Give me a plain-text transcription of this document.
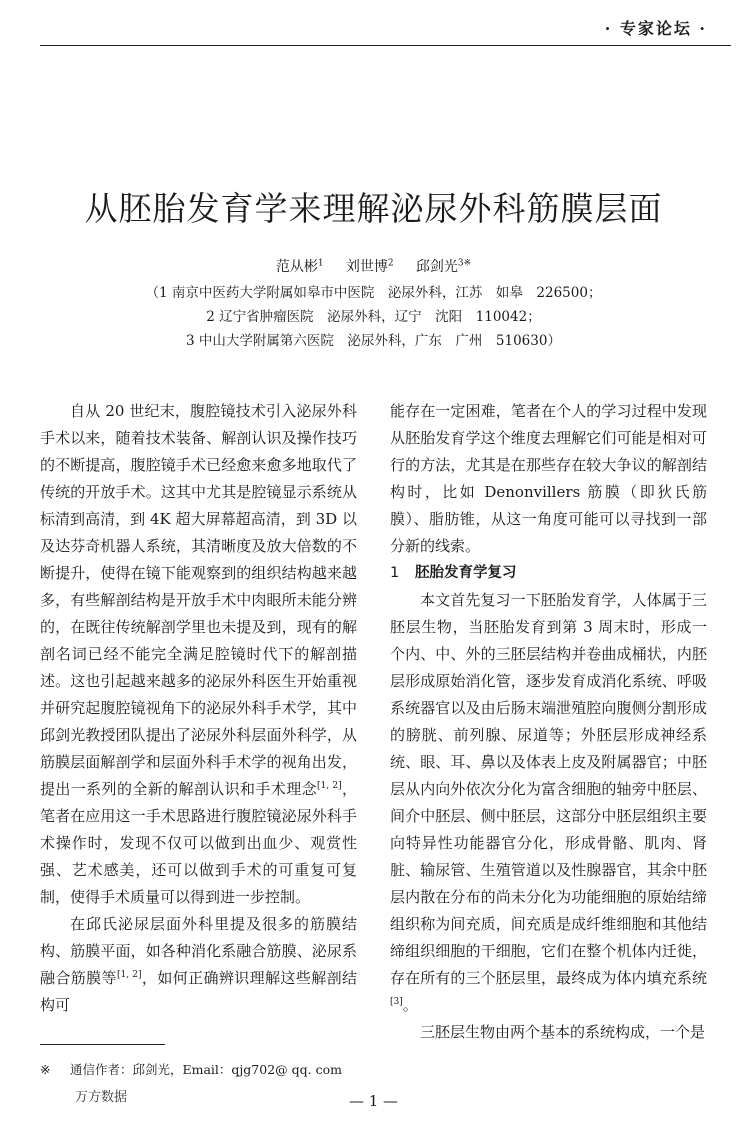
· 专家论坛 ·
从胚胎发育学来理解泌尿外科筋膜层面
范从彬$^1$ 刘世博$^2$ 邱剑光$^{3※}$
（1 南京中医药大学附属如皋市中医院　泌尿外科，江苏　如皋　226500；
2 辽宁省肿瘤医院　泌尿外科，辽宁　沈阳　110042；
3 中山大学附属第六医院　泌尿外科，广东　广州　510630）

自从 20 世纪末，腹腔镜技术引入泌尿外科手术以来，随着技术装备、解剖认识及操作技巧的不断提高，腹腔镜手术已经愈来愈多地取代了传统的开放手术。这其中尤其是腔镜显示系统从标清到高清，到 4K 超大屏幕超高清，到 3D 以及达芬奇机器人系统，其清晰度及放大倍数的不断提升，使得在镜下能观察到的组织结构越来越多，有些解剖结构是开放手术中肉眼所未能分辨的，在既往传统解剖学里也未提及到，现有的解剖名词已经不能完全满足腔镜时代下的解剖描述。这也引起越来越多的泌尿外科医生开始重视并研究起腹腔镜视角下的泌尿外科手术学，其中邱剑光教授团队提出了泌尿外科层面外科学，从筋膜层面解剖学和层面外科手术学的视角出发，提出一系列的全新的解剖认识和手术理念[1, 2]，笔者在应用这一手术思路进行腹腔镜泌尿外科手术操作时，发现不仅可以做到出血少、观赏性强、艺术感美，还可以做到手术的可重复可复制，使得手术质量可以得到进一步控制。

在邱氏泌尿层面外科里提及很多的筋膜结构、筋膜平面，如各种消化系融合筋膜、泌尿系融合筋膜等[1, 2]，如何正确辨识理解这些解剖结构可

能存在一定困难，笔者在个人的学习过程中发现从胚胎发育学这个维度去理解它们可能是相对可行的方法，尤其是在那些存在较大争议的解剖结构时，比如 Denonvillers 筋膜（即狄氏筋膜）、脂肪锥，从这一角度可能可以寻找到一部分新的线索。

1 胚胎发育学复习

本文首先复习一下胚胎发育学，人体属于三胚层生物，当胚胎发育到第 3 周末时，形成一个内、中、外的三胚层结构并卷曲成桶状，内胚层形成原始消化管，逐步发育成消化系统、呼吸系统器官以及由后肠末端泄殖腔向腹侧分割形成的膀胱、前列腺、尿道等；外胚层形成神经系统、眼、耳、鼻以及体表上皮及附属器官；中胚层从内向外依次分化为富含细胞的轴旁中胚层、间介中胚层、侧中胚层，这部分中胚层组织主要向特异性功能器官分化，形成骨骼、肌肉、肾脏、输尿管、生殖管道以及性腺器官，其余中胚层内散在分布的尚未分化为功能细胞的原始结缔组织称为间充质，间充质是成纤维细胞和其他结缔组织细胞的干细胞，它们在整个机体内迁徙，存在所有的三个胚层里，最终成为体内填充系统[3]。

三胚层生物由两个基本的系统构成，一个是

※ 通信作者：邱剑光，Email：qjg702@ qq. com
万方数据	— 1 —
